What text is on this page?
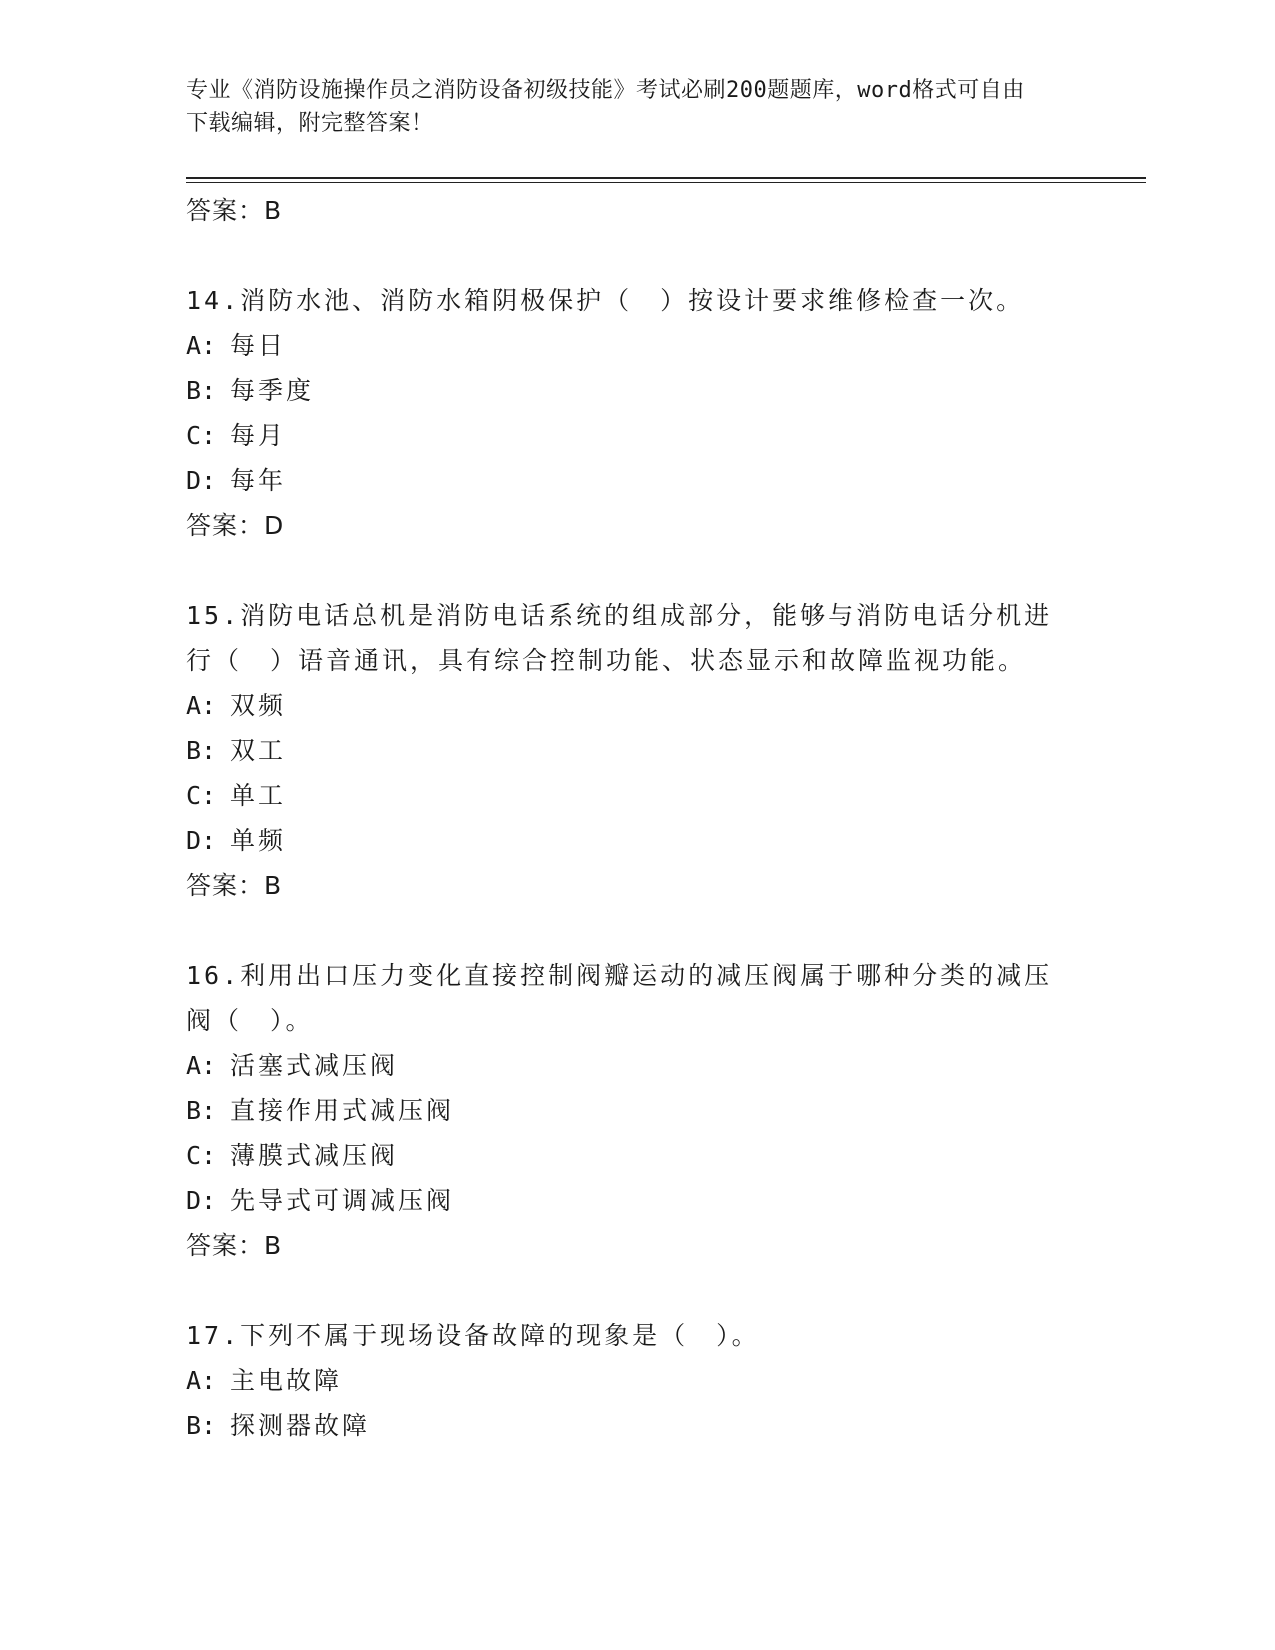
专业《消防设施操作员之消防设备初级技能》考试必刷200题题库，word格式可自由下载编辑，附完整答案！

答案：B

14.消防水池、消防水箱阴极保护（　）按设计要求维修检查一次。

A: 每日

B: 每季度

C: 每月

D: 每年

答案：D

15.消防电话总机是消防电话系统的组成部分，能够与消防电话分机进行（　）语音通讯，具有综合控制功能、状态显示和故障监视功能。

A: 双频

B: 双工

C: 单工

D: 单频

答案：B

16.利用出口压力变化直接控制阀瓣运动的减压阀属于哪种分类的减压阀（　）。

A: 活塞式减压阀

B: 直接作用式减压阀

C: 薄膜式减压阀

D: 先导式可调减压阀

答案：B

17.下列不属于现场设备故障的现象是（　）。

A: 主电故障

B: 探测器故障
